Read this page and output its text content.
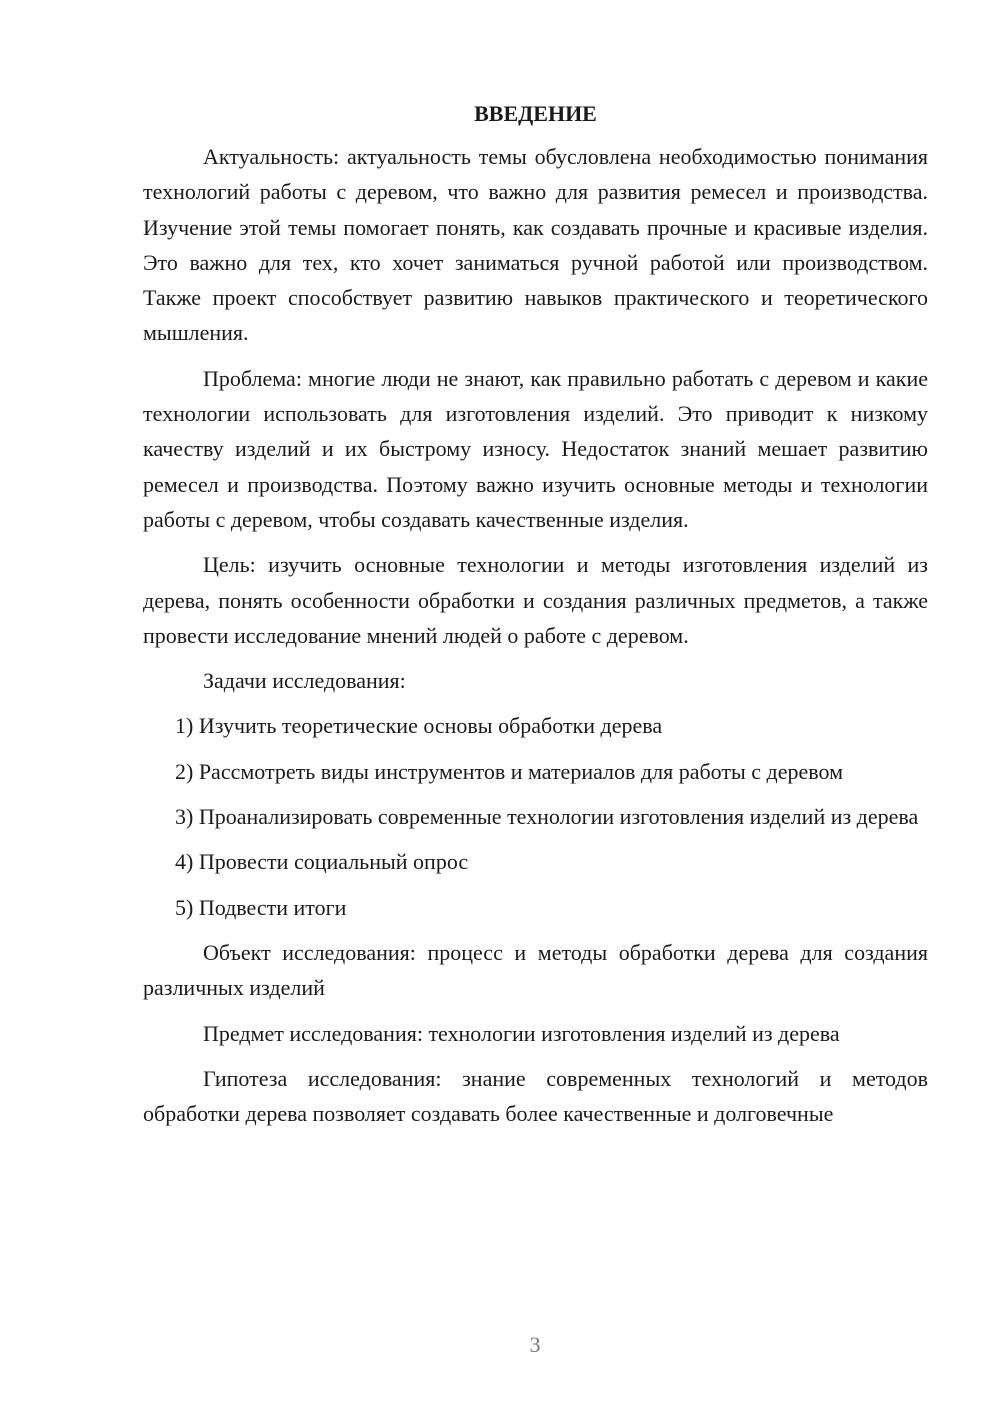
ВВЕДЕНИЕ

Актуальность: актуальность темы обусловлена необходимостью понимания технологий работы с деревом, что важно для развития ремесел и производства. Изучение этой темы помогает понять, как создавать прочные и красивые изделия. Это важно для тех, кто хочет заниматься ручной работой или производством. Также проект способствует развитию навыков практического и теоретического мышления.

Проблема: многие люди не знают, как правильно работать с деревом и какие технологии использовать для изготовления изделий. Это приводит к низкому качеству изделий и их быстрому износу. Недостаток знаний мешает развитию ремесел и производства. Поэтому важно изучить основные методы и технологии работы с деревом, чтобы создавать качественные изделия.

Цель: изучить основные технологии и методы изготовления изделий из дерева, понять особенности обработки и создания различных предметов, а также провести исследование мнений людей о работе с деревом.

Задачи исследования:

1) Изучить теоретические основы обработки дерева

2) Рассмотреть виды инструментов и материалов для работы с деревом

3) Проанализировать современные технологии изготовления изделий из дерева

4) Провести социальный опрос

5) Подвести итоги

Объект исследования: процесс и методы обработки дерева для создания различных изделий

Предмет исследования: технологии изготовления изделий из дерева

Гипотеза исследования: знание современных технологий и методов обработки дерева позволяет создавать более качественные и долговечные

3
